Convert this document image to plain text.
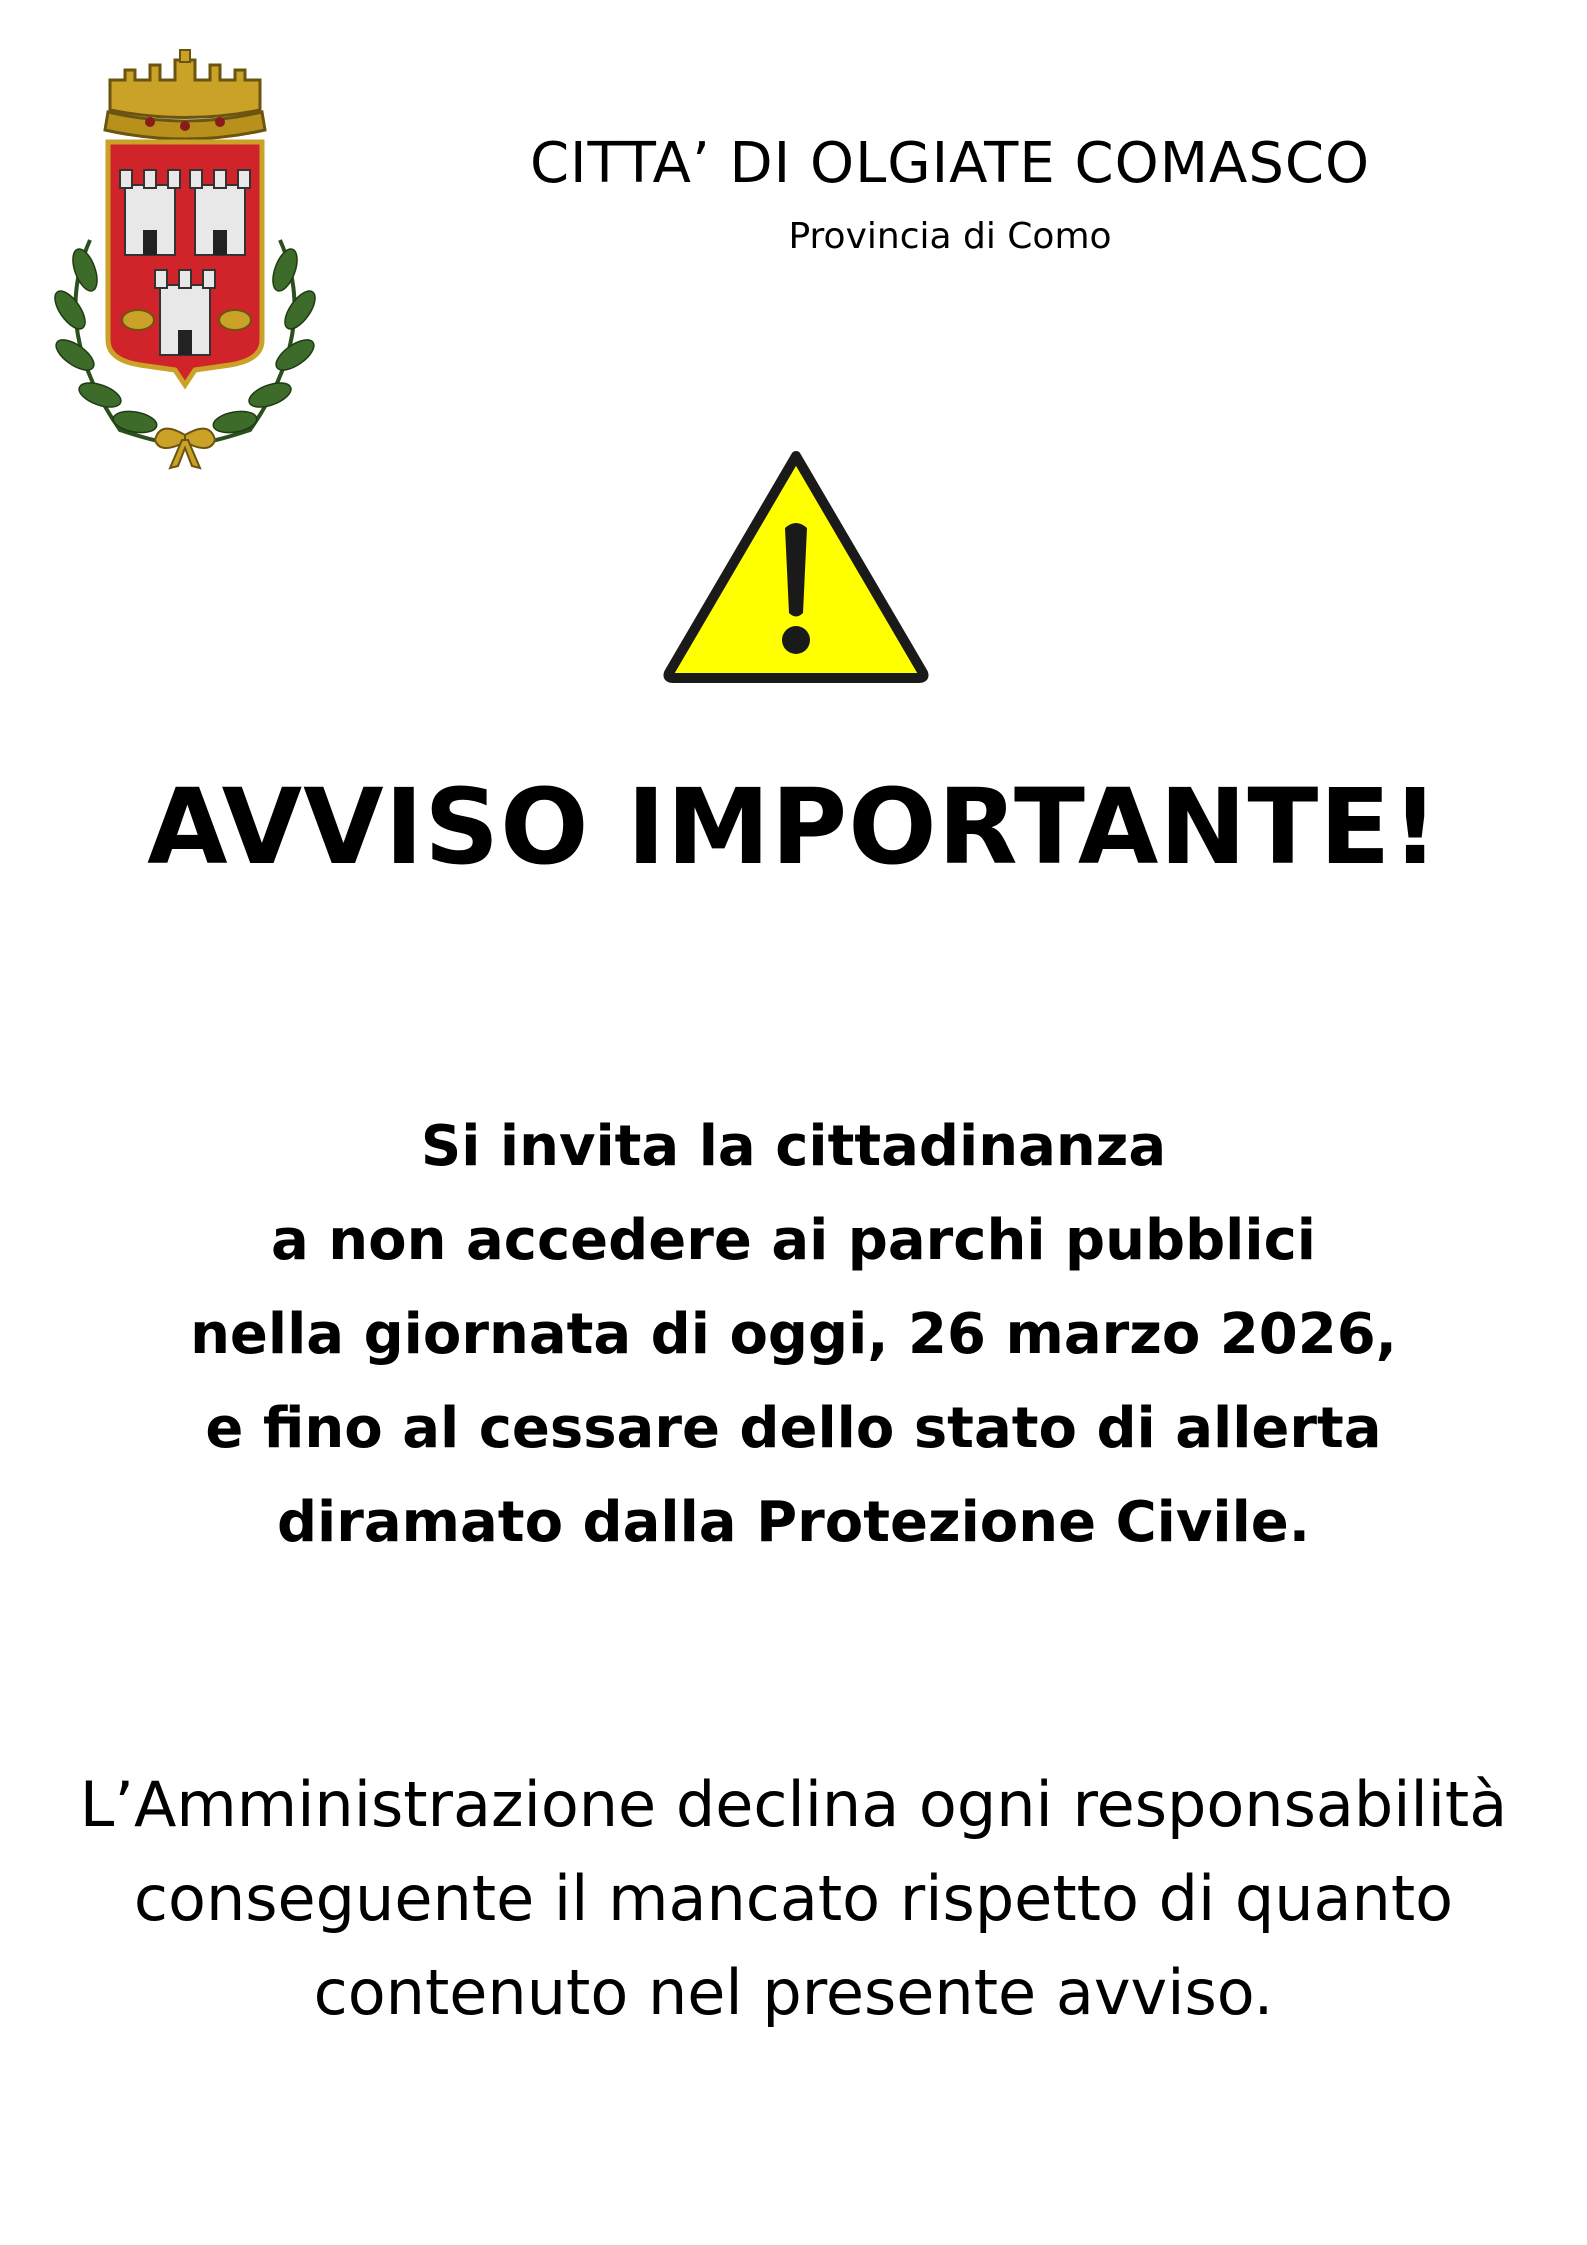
CITTA’ DI OLGIATE COMASCO
Provincia di Como
AVVISO IMPORTANTE!
Si invita la cittadinanza
a non accedere ai parchi pubblici
nella giornata di oggi, 26 marzo 2026,
e fino al cessare dello stato di allerta
diramato dalla Protezione Civile.
L’Amministrazione declina ogni responsabilità
conseguente il mancato rispetto di quanto
contenuto nel presente avviso.
